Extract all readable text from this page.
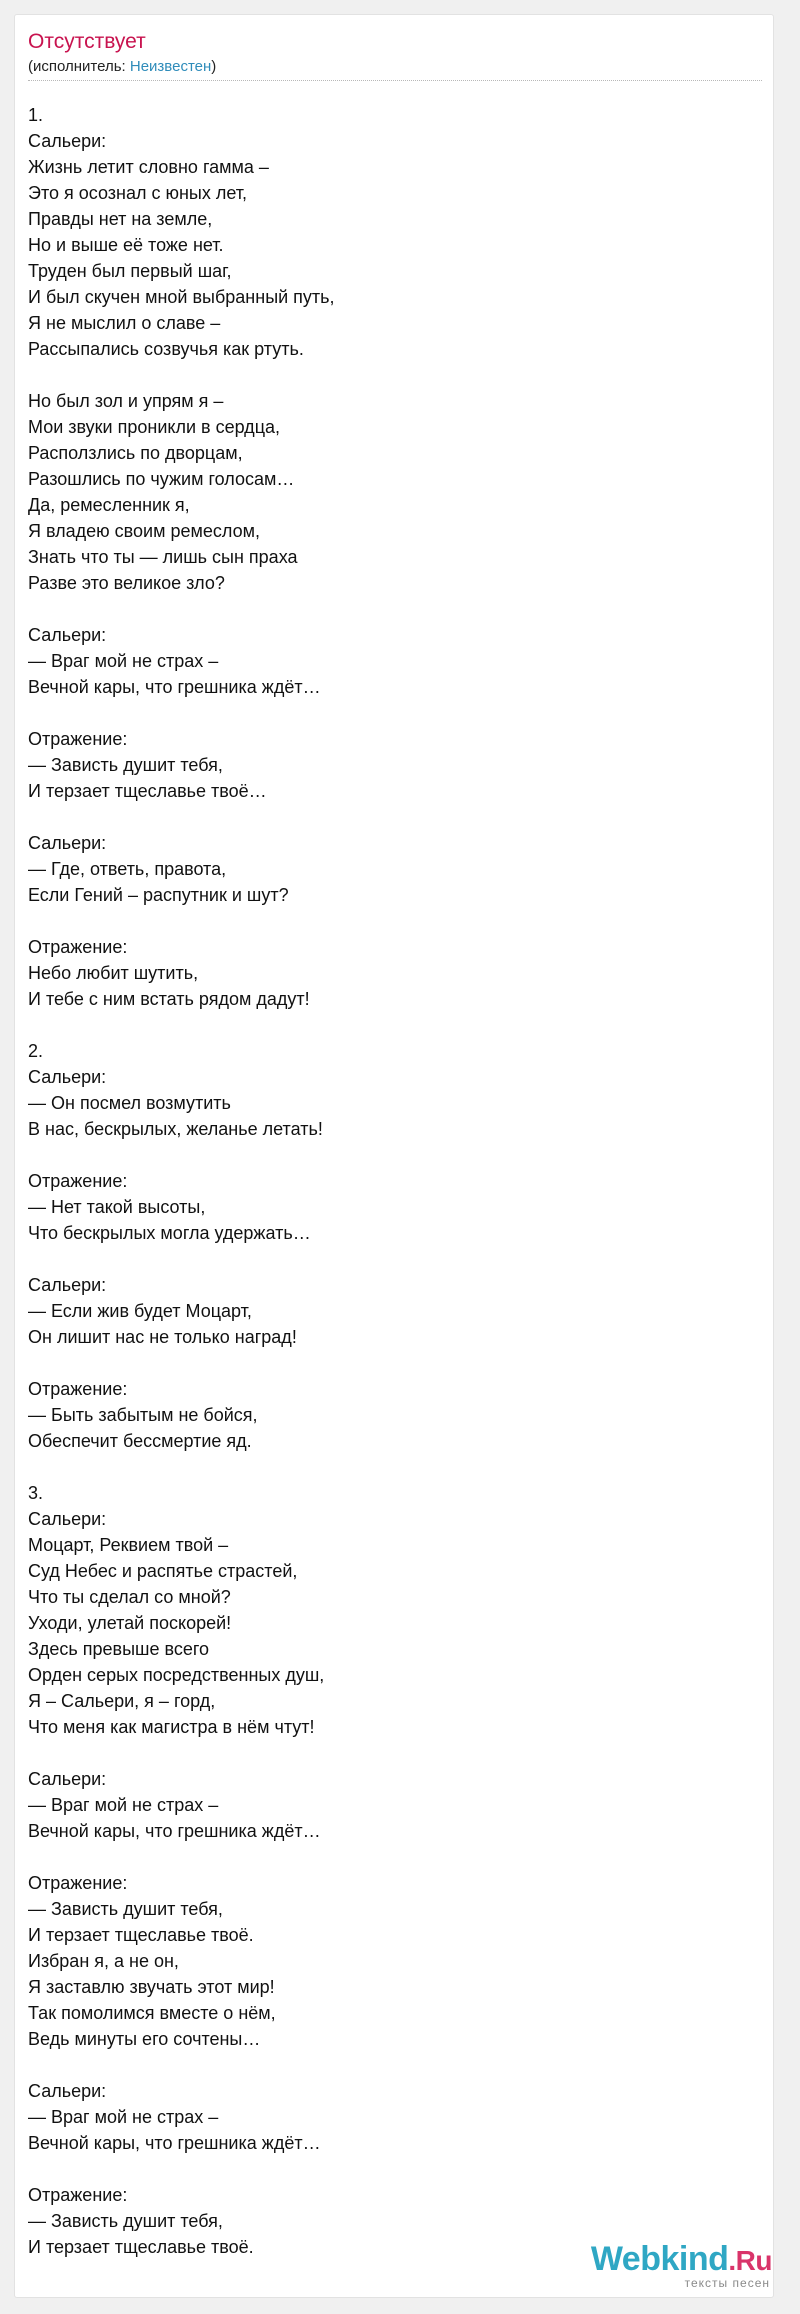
Отсутствует
(исполнитель: Неизвестен)
1.
Сальери:
Жизнь летит словно гамма –
Это я осознал с юных лет,
Правды нет на земле,
Но и выше её тоже нет.
Труден был первый шаг,
И был скучен мной выбранный путь,
Я не мыслил о славе –
Рассыпались созвучья как ртуть.
Но был зол и упрям я –
Мои звуки проникли в сердца,
Расползлись по дворцам,
Разошлись по чужим голосам…
Да, ремесленник я,
Я владею своим ремеслом,
Знать что ты — лишь сын праха
Разве это великое зло?
Сальери:
— Враг мой не страх –
Вечной кары, что грешника ждёт…
Отражение:
— Зависть душит тебя,
И терзает тщеславье твоё…
Сальери:
— Где, ответь, правота,
Если Гений – распутник и шут?
Отражение:
Небо любит шутить,
И тебе с ним встать рядом дадут!
2.
Сальери:
— Он посмел возмутить
В нас, бескрылых, желанье летать!
Отражение:
— Нет такой высоты,
Что бескрылых могла удержать…
Сальери:
— Если жив будет Моцарт,
Он лишит нас не только наград!
Отражение:
— Быть забытым не бойся,
Обеспечит бессмертие яд.
3.
Сальери:
Моцарт, Реквием твой –
Суд Небес и распятье страстей,
Что ты сделал со мной?
Уходи, улетай поскорей!
Здесь превыше всего
Орден серых посредственных душ,
Я – Сальери, я – горд,
Что меня как магистра в нём чтут!
Сальери:
— Враг мой не страх –
Вечной кары, что грешника ждёт…
Отражение:
— Зависть душит тебя,
И терзает тщеславье твоё.
Избран я, а не он,
Я заставлю звучать этот мир!
Так помолимся вместе о нём,
Ведь минуты его сочтены…
Сальери:
— Враг мой не страх –
Вечной кары, что грешника ждёт…
Отражение:
— Зависть душит тебя,
И терзает тщеславье твоё.	Webkind.Ru
тексты песен
